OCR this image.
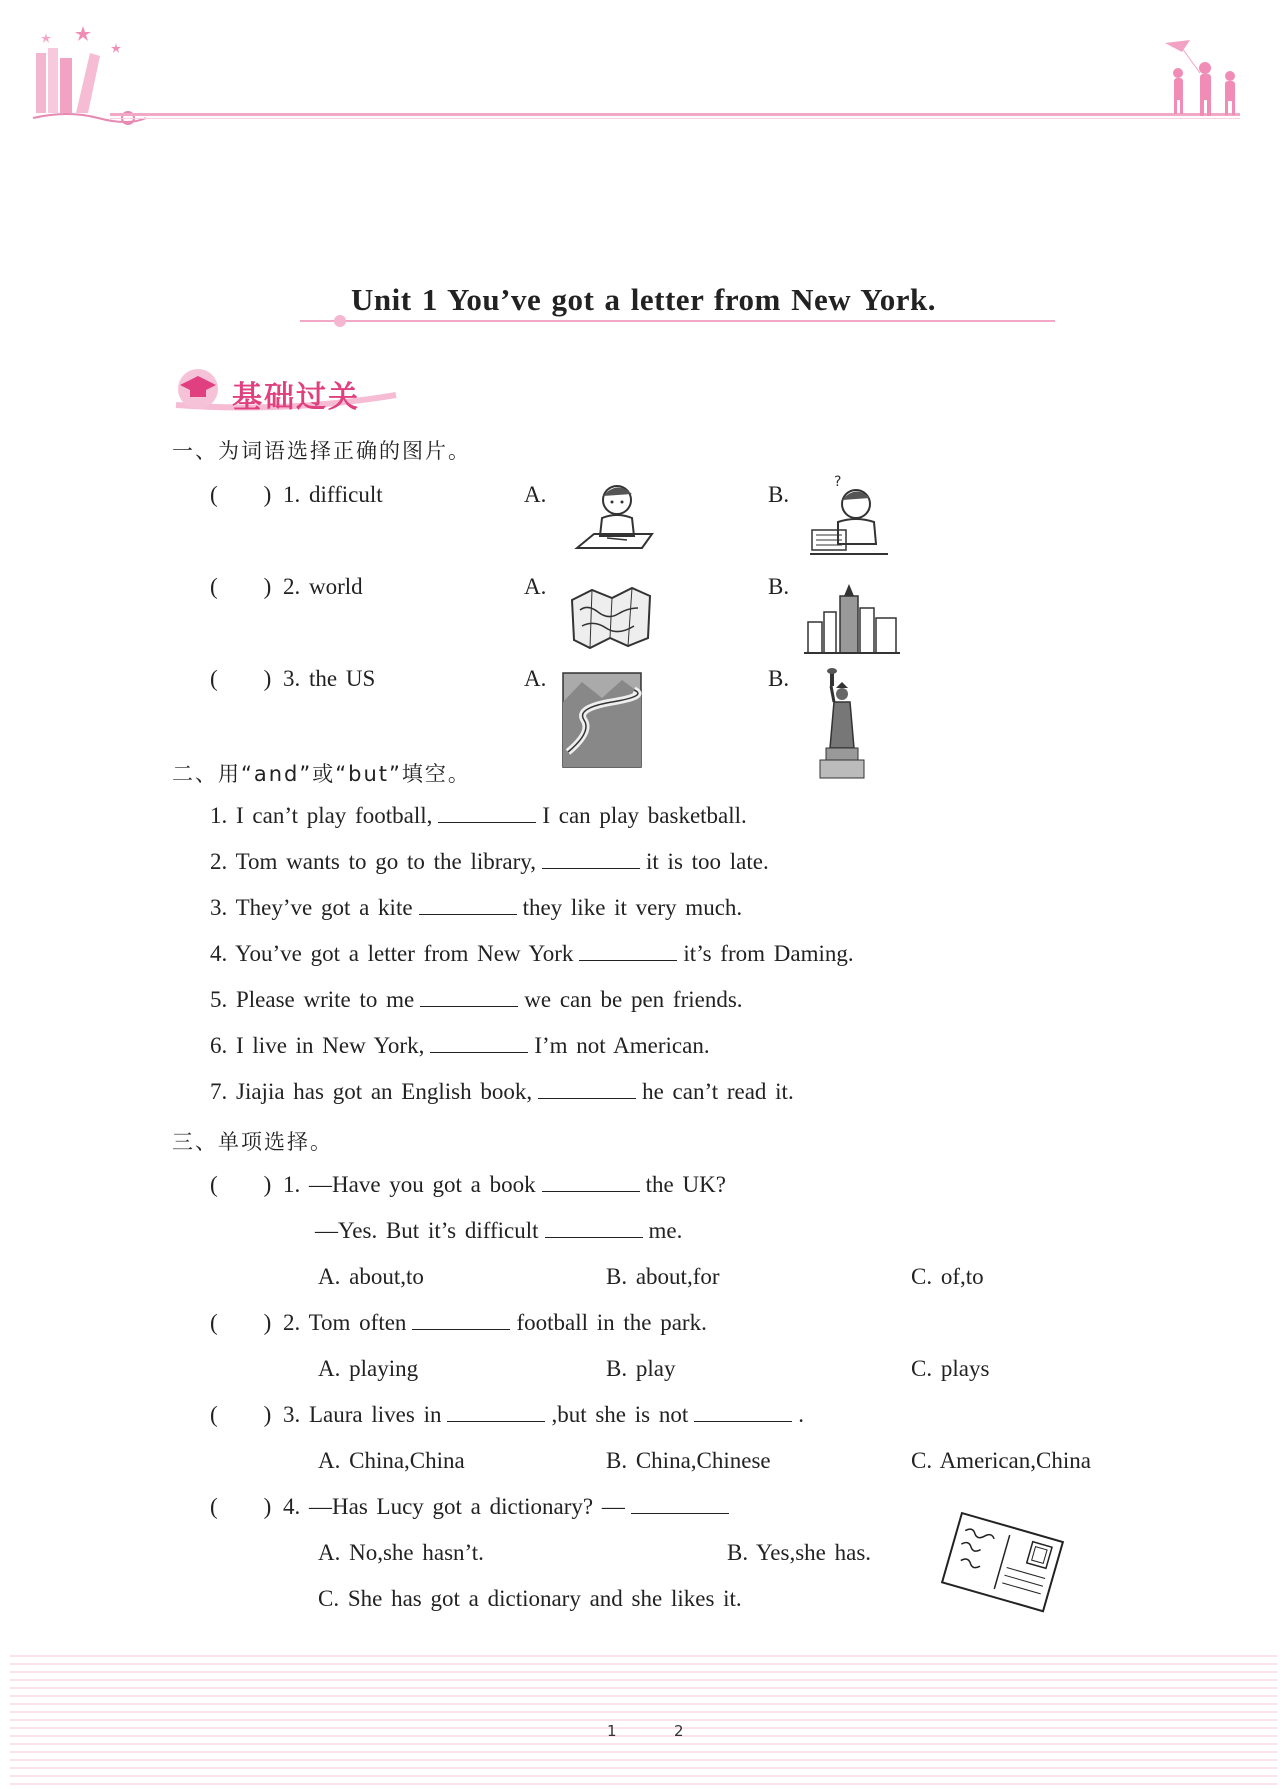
Unit 1 You’ve got a letter from New York.
基础过关
一、为词语选择正确的图片。
(        ) 1. difficult	A.	B.	?
(        ) 2. world	A.	B.
(        ) 3. the US	A.	B.
二、用“and”或“but”填空。
1. I can’t play football,	I can play basketball.
2. Tom wants to go to the library,	it is too late.
3. They’ve got a kite	they like it very much.
4. You’ve got a letter from New York	it’s from Daming.
5. Please write to me	we can be pen friends.
6. I live in New York,	I’m not American.
7. Jiajia has got an English book,	he can’t read it.
三、单项选择。
(        ) 1. —Have you got a book	the UK?
—Yes. But it’s difficult	me.
A. about,to	B. about,for	C. of,to
(        ) 2. Tom often	football in the park.
A. playing	B. play	C. plays
(        ) 3. Laura lives in	,but she is not	.
A. China,China	B. China,Chinese	C. American,China
(        ) 4. —Has Lucy got a dictionary? —
A. No,she hasn’t.	B. Yes,she has.
C. She has got a dictionary and she likes it.
1	2
